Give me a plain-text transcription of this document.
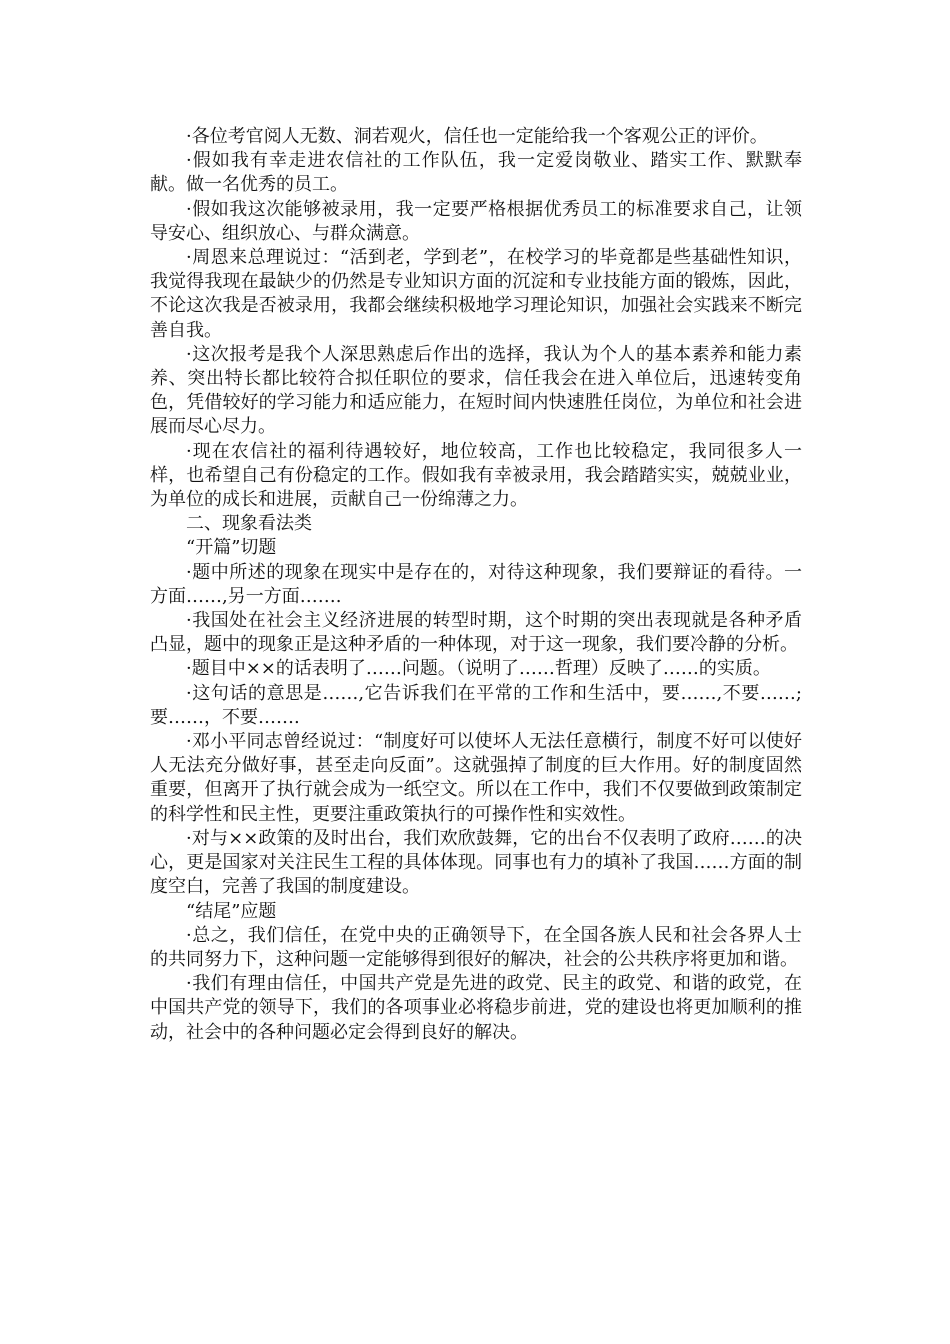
·各位考官阅人无数、洞若观火，信任也一定能给我一个客观公正的评价。

·假如我有幸走进农信社的工作队伍，我一定爱岗敬业、踏实工作、默默奉献。做一名优秀的员工。

·假如我这次能够被录用，我一定要严格根据优秀员工的标准要求自己，让领导安心、组织放心、与群众满意。

·周恩来总理说过：“活到老，学到老”，在校学习的毕竟都是些基础性知识，我觉得我现在最缺少的仍然是专业知识方面的沉淀和专业技能方面的锻炼，因此，不论这次我是否被录用，我都会继续积极地学习理论知识，加强社会实践来不断完善自我。

·这次报考是我个人深思熟虑后作出的选择，我认为个人的基本素养和能力素养、突出特长都比较符合拟任职位的要求，信任我会在进入单位后，迅速转变角色，凭借较好的学习能力和适应能力，在短时间内快速胜任岗位，为单位和社会进展而尽心尽力。

·现在农信社的福利待遇较好，地位较高，工作也比较稳定，我同很多人一样，也希望自己有份稳定的工作。假如我有幸被录用，我会踏踏实实，兢兢业业，为单位的成长和进展，贡献自己一份绵薄之力。

二、现象看法类

“开篇”切题

·题中所述的现象在现实中是存在的，对待这种现象，我们要辩证的看待。一方面……,另一方面…….

·我国处在社会主义经济进展的转型时期，这个时期的突出表现就是各种矛盾凸显，题中的现象正是这种矛盾的一种体现，对于这一现象，我们要冷静的分析。

·题目中××的话表明了……问题。（说明了……哲理）反映了……的实质。

·这句话的意思是……,它告诉我们在平常的工作和生活中，要……,不要……;要……，不要…….

·邓小平同志曾经说过：“制度好可以使坏人无法任意横行，制度不好可以使好人无法充分做好事，甚至走向反面”。这就强掉了制度的巨大作用。好的制度固然重要，但离开了执行就会成为一纸空文。所以在工作中，我们不仅要做到政策制定的科学性和民主性，更要注重政策执行的可操作性和实效性。

·对与××政策的及时出台，我们欢欣鼓舞，它的出台不仅表明了政府……的决心，更是国家对关注民生工程的具体体现。同事也有力的填补了我国……方面的制度空白，完善了我国的制度建设。

“结尾”应题

·总之，我们信任，在党中央的正确领导下，在全国各族人民和社会各界人士的共同努力下，这种问题一定能够得到很好的解决，社会的公共秩序将更加和谐。

·我们有理由信任，中国共产党是先进的政党、民主的政党、和谐的政党，在中国共产党的领导下，我们的各项事业必将稳步前进，党的建设也将更加顺利的推动，社会中的各种问题必定会得到良好的解决。
